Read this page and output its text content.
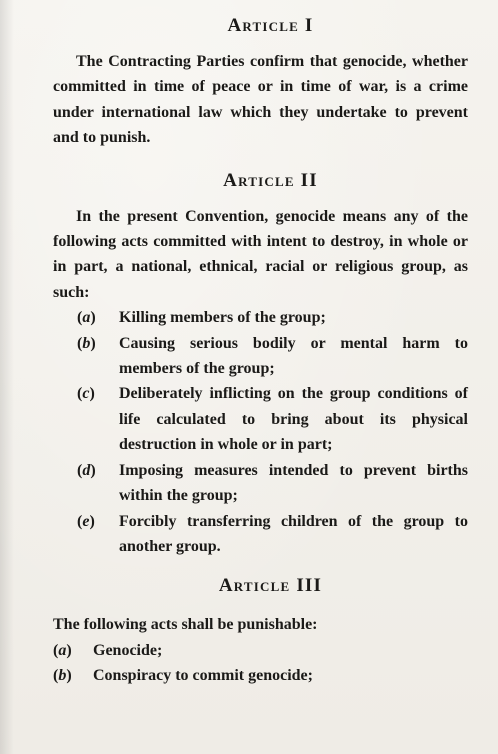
Article I

The Contracting Parties confirm that genocide, whether committed in time of peace or in time of war, is a crime under international law which they undertake to prevent and to punish.

Article II

In the present Convention, genocide means any of the following acts committed with intent to destroy, in whole or in part, a national, ethnical, racial or religious group, as such:

(a)	Killing members of the group;
(b)	Causing serious bodily or mental harm to members of the group;
(c)	Deliberately inflicting on the group conditions of life calculated to bring about its physical destruction in whole or in part;
(d)	Imposing measures intended to prevent births within the group;
(e)	Forcibly transferring children of the group to another group.
Article III

The following acts shall be punishable:

(a)	Genocide;
(b)	Conspiracy to commit genocide;
